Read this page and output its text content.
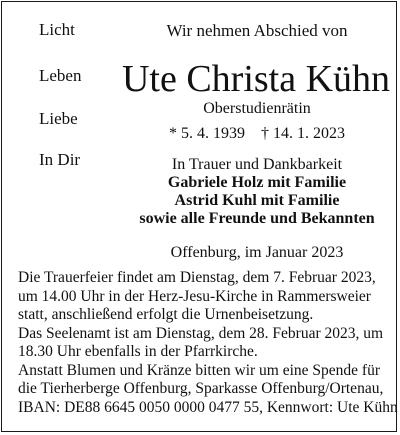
Licht
Leben
Liebe
In Dir
Wir nehmen Abschied von
Ute Christa Kühn
Oberstudienrätin
* 5. 4. 1939    † 14. 1. 2023
In Trauer und Dankbarkeit
Gabriele Holz mit Familie
Astrid Kuhl mit Familie
sowie alle Freunde und Bekannten
Offenburg, im Januar 2023
Die Trauerfeier findet am Dienstag, dem 7. Februar 2023,
um 14.00 Uhr in der Herz-Jesu-Kirche in Rammersweier
statt, anschließend erfolgt die Urnenbeisetzung.
Das Seelenamt ist am Dienstag, dem 28. Februar 2023, um
18.30 Uhr ebenfalls in der Pfarrkirche.
Anstatt Blumen und Kränze bitten wir um eine Spende für
die Tierherberge Offenburg, Sparkasse Offenburg/Ortenau,
IBAN: DE88 6645 0050 0000 0477 55, Kennwort: Ute Kühn
